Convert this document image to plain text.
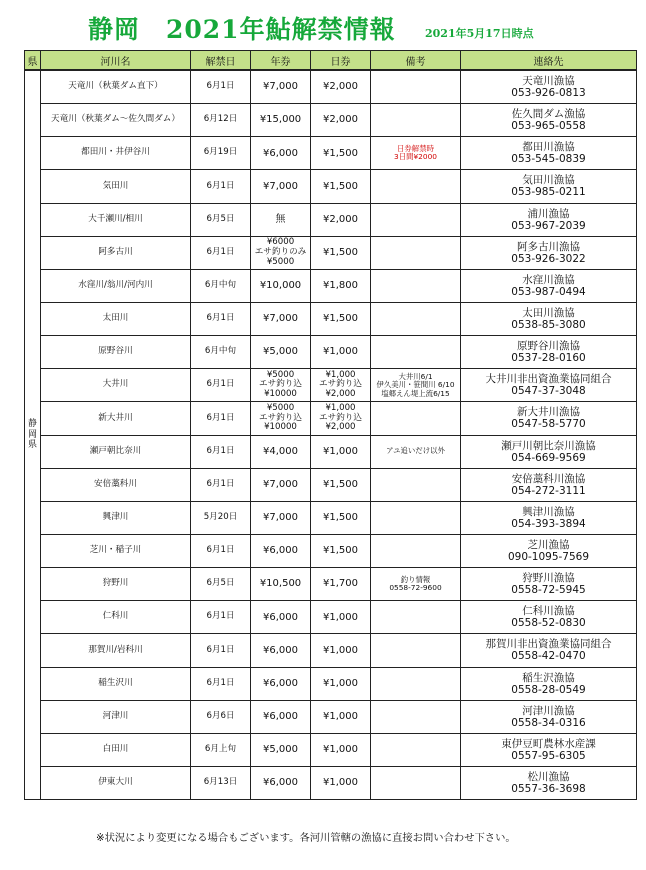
静岡　2021年鮎解禁情報	2021年5月17日時点
県	河川名	解禁日	年券	日券	備考	連絡先
静岡県	天竜川（秋葉ダム直下）	6月1日	¥7,000	¥2,000		天竜川漁協
053-926-0813

	天竜川（秋葉ダム～佐久間ダム）	6月12日	¥15,000	¥2,000		佐久間ダム漁協
053-965-0558

	都田川・井伊谷川	6月19日	¥6,000	¥1,500	日券解禁時
3日間¥2000	都田川漁協
053-545-0839

	気田川	6月1日	¥7,000	¥1,500		気田川漁協
053-985-0211

	大千瀬川/相川	6月5日	無	¥2,000		浦川漁協
053-967-2039

	阿多古川	6月1日	¥6000
エサ釣りのみ
¥5000	¥1,500		阿多古川漁協
053-926-3022

	水窪川/翁川/河内川	6月中旬	¥10,000	¥1,800		水窪川漁協
053-987-0494

	太田川	6月1日	¥7,000	¥1,500		太田川漁協
0538-85-3080

	原野谷川	6月中旬	¥5,000	¥1,000		原野谷川漁協
0537-28-0160

	大井川	6月1日	¥5000
エサ釣り込
¥10000	¥1,000
エサ釣り込
¥2,000	大井川6/1
伊久美川・笹間川 6/10
塩郷えん堤上流6/15	大井川非出資漁業協同組合
0547-37-3048

	新大井川	6月1日	¥5000
エサ釣り込
¥10000	¥1,000
エサ釣り込
¥2,000		新大井川漁協
0547-58-5770

	瀬戸朝比奈川	6月1日	¥4,000	¥1,000	アユ追いだけ以外	瀬戸川朝比奈川漁協
054-669-9569

	安倍藁科川	6月1日	¥7,000	¥1,500		安倍藁科川漁協
054-272-3111

	興津川	5月20日	¥7,000	¥1,500		興津川漁協
054-393-3894

	芝川・稲子川	6月1日	¥6,000	¥1,500		芝川漁協
090-1095-7569

	狩野川	6月5日	¥10,500	¥1,700	釣り情報
0558-72-9600	狩野川漁協
0558-72-5945

	仁科川	6月1日	¥6,000	¥1,000		仁科川漁協
0558-52-0830

	那賀川/岩科川	6月1日	¥6,000	¥1,000		那賀川非出資漁業協同組合
0558-42-0470

	稲生沢川	6月1日	¥6,000	¥1,000		稲生沢漁協
0558-28-0549

	河津川	6月6日	¥6,000	¥1,000		河津川漁協
0558-34-0316

	白田川	6月上旬	¥5,000	¥1,000		東伊豆町農林水産課
0557-95-6305

	伊東大川	6月13日	¥6,000	¥1,000		松川漁協
0557-36-3698
※状況により変更になる場合もございます。各河川管轄の漁協に直接お問い合わせ下さい。
